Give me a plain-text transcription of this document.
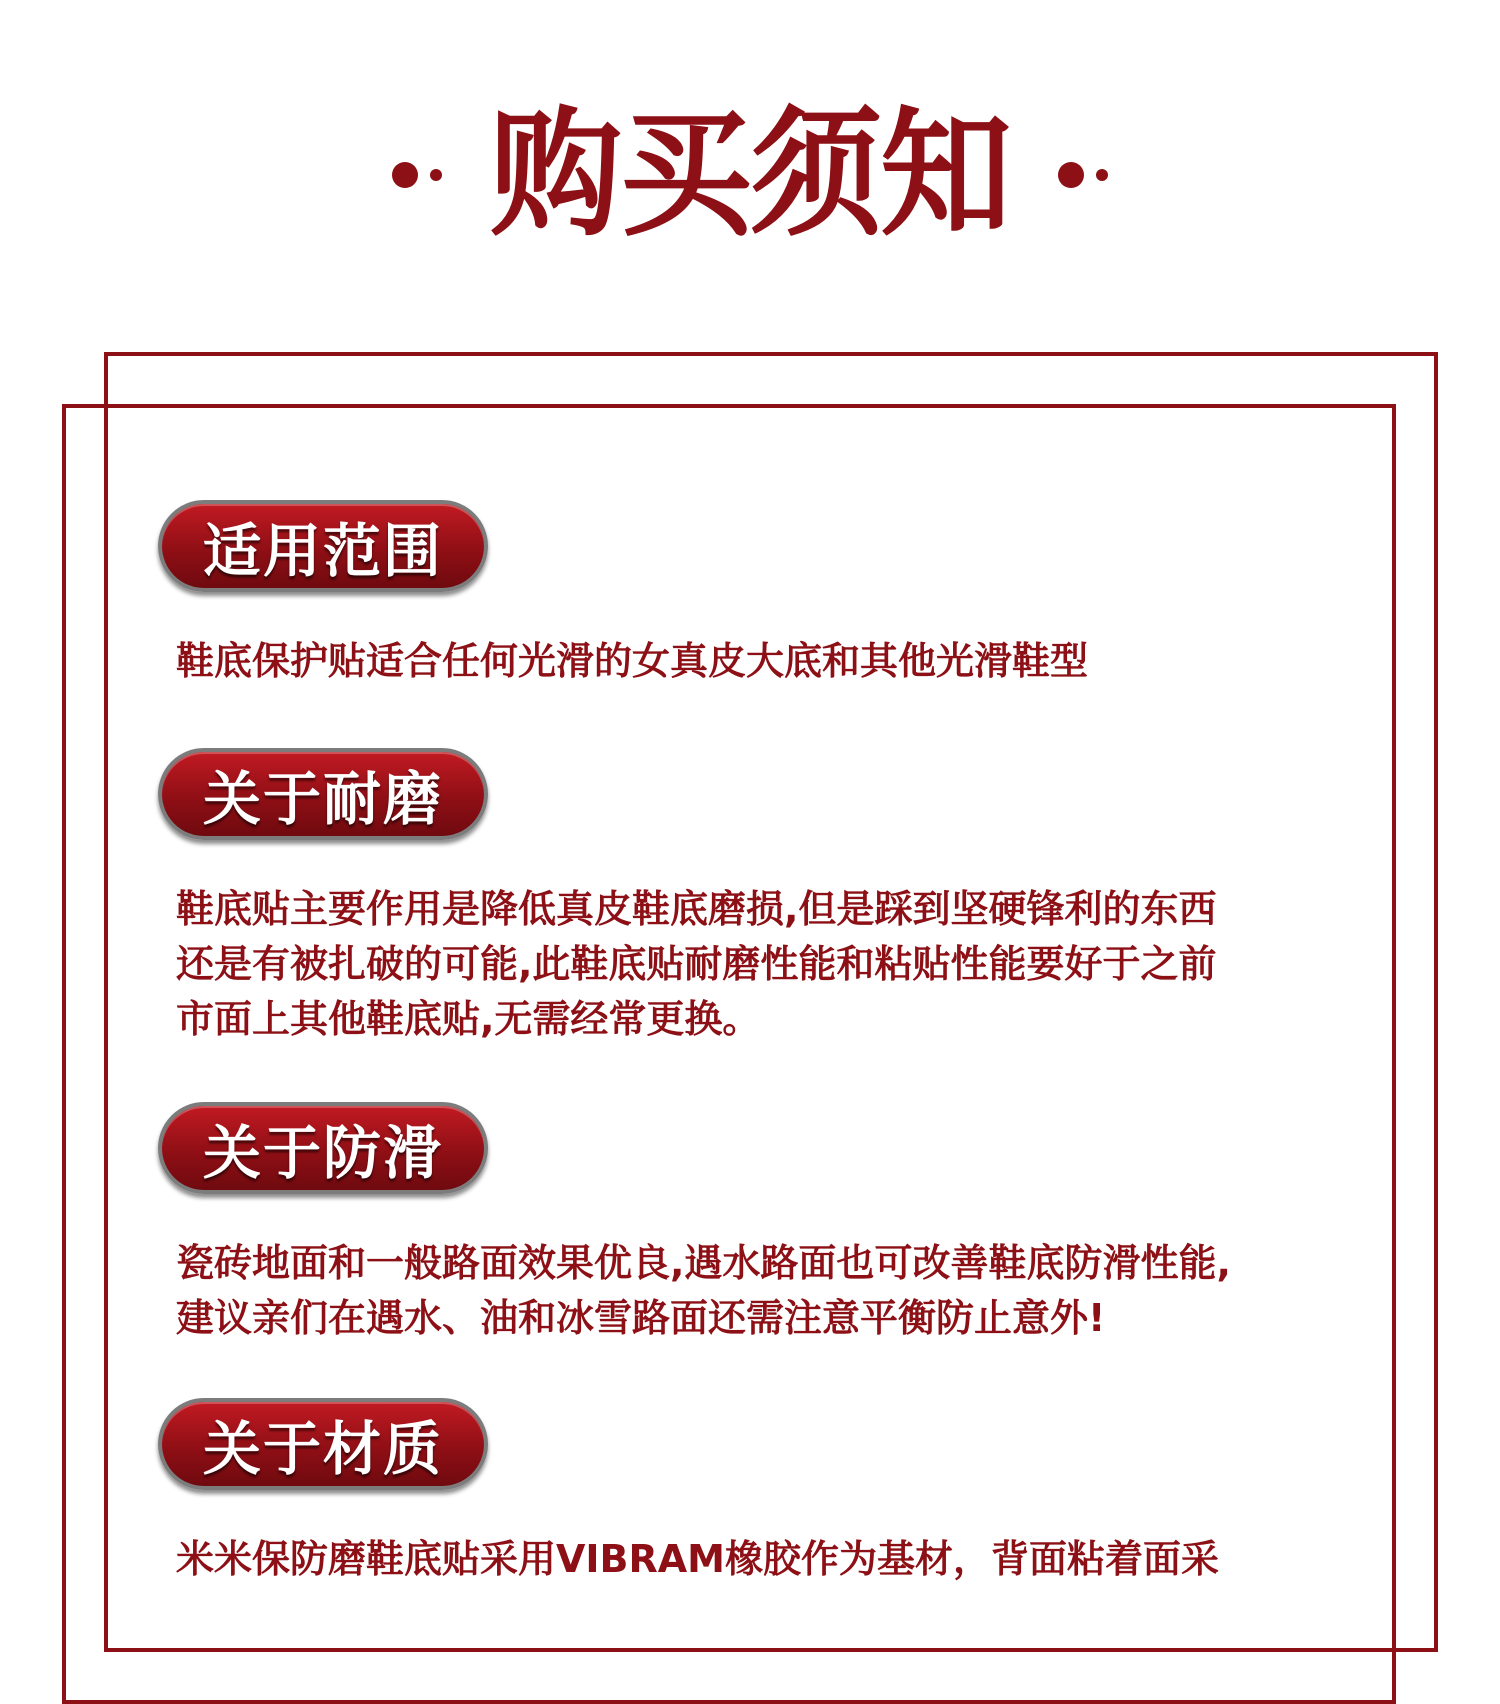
购买须知
适用范围
鞋底保护贴适合任何光滑的女真皮大底和其他光滑鞋型
关于耐磨
鞋底贴主要作用是降低真皮鞋底磨损,但是踩到坚硬锋利的东西
还是有被扎破的可能,此鞋底贴耐磨性能和粘贴性能要好于之前
市面上其他鞋底贴,无需经常更换。
关于防滑
瓷砖地面和一般路面效果优良,遇水路面也可改善鞋底防滑性能,
建议亲们在遇水、油和冰雪路面还需注意平衡防止意外!
关于材质
米米保防磨鞋底贴采用VIBRAM橡胶作为基材，背面粘着面采
